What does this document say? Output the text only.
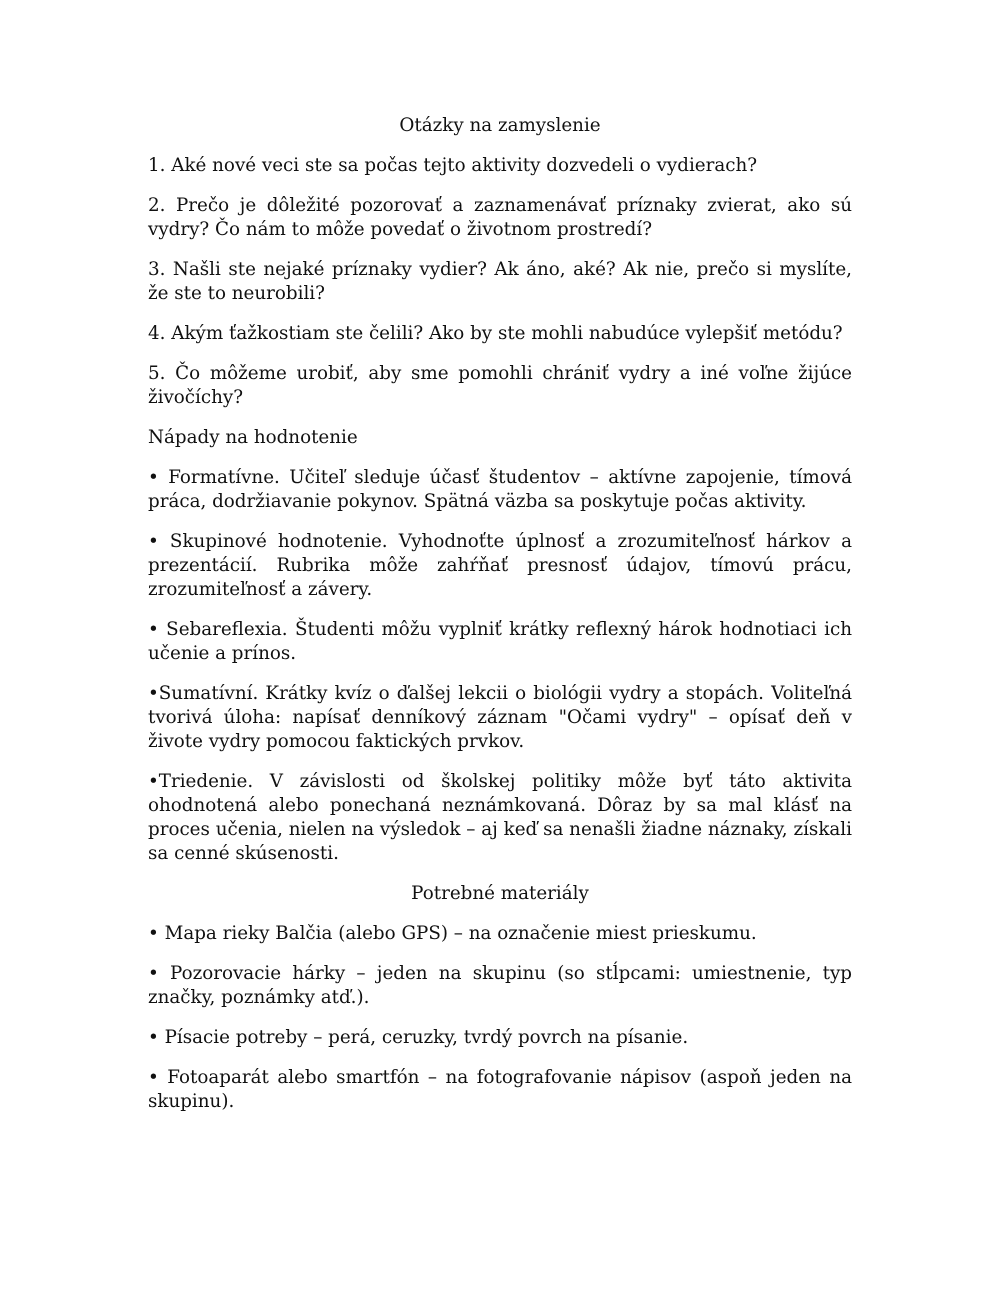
Otázky na zamyslenie

1. Aké nové veci ste sa počas tejto aktivity dozvedeli o vydierach?

2. Prečo je dôležité pozorovať a zaznamenávať príznaky zvierat, ako sú vydry? Čo nám to môže povedať o životnom prostredí?

3. Našli ste nejaké príznaky vydier? Ak áno, aké? Ak nie, prečo si myslíte, že ste to neurobili?

4. Akým ťažkostiam ste čelili? Ako by ste mohli nabudúce vylepšiť metódu?

5. Čo môžeme urobiť, aby sme pomohli chrániť vydry a iné voľne žijúce živočíchy?

Nápady na hodnotenie

• Formatívne. Učiteľ sleduje účasť študentov – aktívne zapojenie, tímová práca, dodržiavanie pokynov. Spätná väzba sa poskytuje počas aktivity.

• Skupinové hodnotenie. Vyhodnoťte úplnosť a zrozumiteľnosť hárkov a prezentácií. Rubrika môže zahŕňať presnosť údajov, tímovú prácu, zrozumiteľnosť a závery.

• Sebareflexia. Študenti môžu vyplniť krátky reflexný hárok hodnotiaci ich učenie a prínos.

•Sumatívní. Krátky kvíz o ďalšej lekcii o biológii vydry a stopách. Voliteľná tvorivá úloha: napísať denníkový záznam "Očami vydry" – opísať deň v živote vydry pomocou faktických prvkov.

•Triedenie. V závislosti od školskej politiky môže byť táto aktivita ohodnotená alebo ponechaná neznámkovaná. Dôraz by sa mal klásť na proces učenia, nielen na výsledok – aj keď sa nenašli žiadne náznaky, získali sa cenné skúsenosti.

Potrebné materiály

• Mapa rieky Balčia (alebo GPS) – na označenie miest prieskumu.

• Pozorovacie hárky – jeden na skupinu (so stĺpcami: umiestnenie, typ značky, poznámky atď.).

• Písacie potreby – perá, ceruzky, tvrdý povrch na písanie.

• Fotoaparát alebo smartfón – na fotografovanie nápisov (aspoň jeden na skupinu).
